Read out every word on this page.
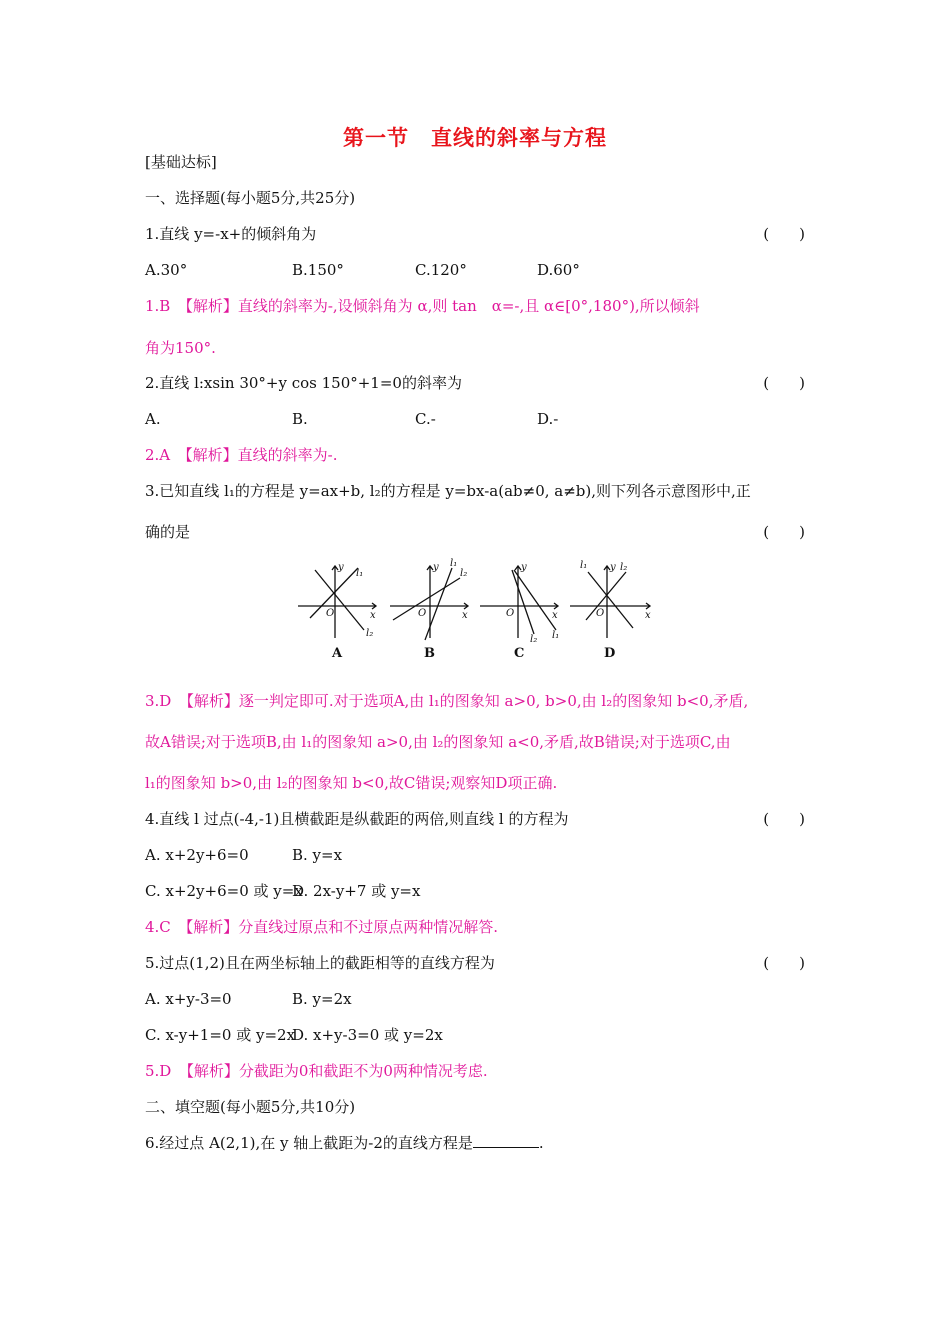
第一节　直线的斜率与方程
[基础达标]
一、选择题(每小题5分,共25分)
1.直线 y=-x+的倾斜角为	(　　)
A.30°	B.150°	C.120°	D.60°
1.B　【解析】直线的斜率为-,设倾斜角为 α,则 tan　α=-,且 α∈[0°,180°),所以倾斜
角为150°.
2.直线 l:xsin 30°+y cos 150°+1=0的斜率为	(　　)
A.	B.	C.-	D.-
2.A　【解析】直线的斜率为-.
3.已知直线 l₁的方程是 y=ax+b, l₂的方程是 y=bx-a(ab≠0, a≠b),则下列各示意图形中,正
确的是	(　　)
y
x
O
l₁
l₂
y
x
O
l₁
l₂
y
x
O
l₁
l₂
y
x
O
l₁	l₂
A	B	C	D
3.D　【解析】逐一判定即可.对于选项A,由 l₁的图象知 a>0, b>0,由 l₂的图象知 b<0,矛盾,
故A错误;对于选项B,由 l₁的图象知 a>0,由 l₂的图象知 a<0,矛盾,故B错误;对于选项C,由
l₁的图象知 b>0,由 l₂的图象知 b<0,故C错误;观察知D项正确.
4.直线 l 过点(-4,-1)且横截距是纵截距的两倍,则直线 l 的方程为	(　　)
A. x+2y+6=0	B. y=x
C. x+2y+6=0 或 y=x
D. 2x-y+7 或 y=x
4.C　【解析】分直线过原点和不过原点两种情况解答.
5.过点(1,2)且在两坐标轴上的截距相等的直线方程为	(　　)
A. x+y-3=0	B. y=2x
C. x-y+1=0 或 y=2x
D. x+y-3=0 或 y=2x
5.D　【解析】分截距为0和截距不为0两种情况考虑.
二、填空题(每小题5分,共10分)
6.经过点 A(2,1),在 y 轴上截距为-2的直线方程是	.
